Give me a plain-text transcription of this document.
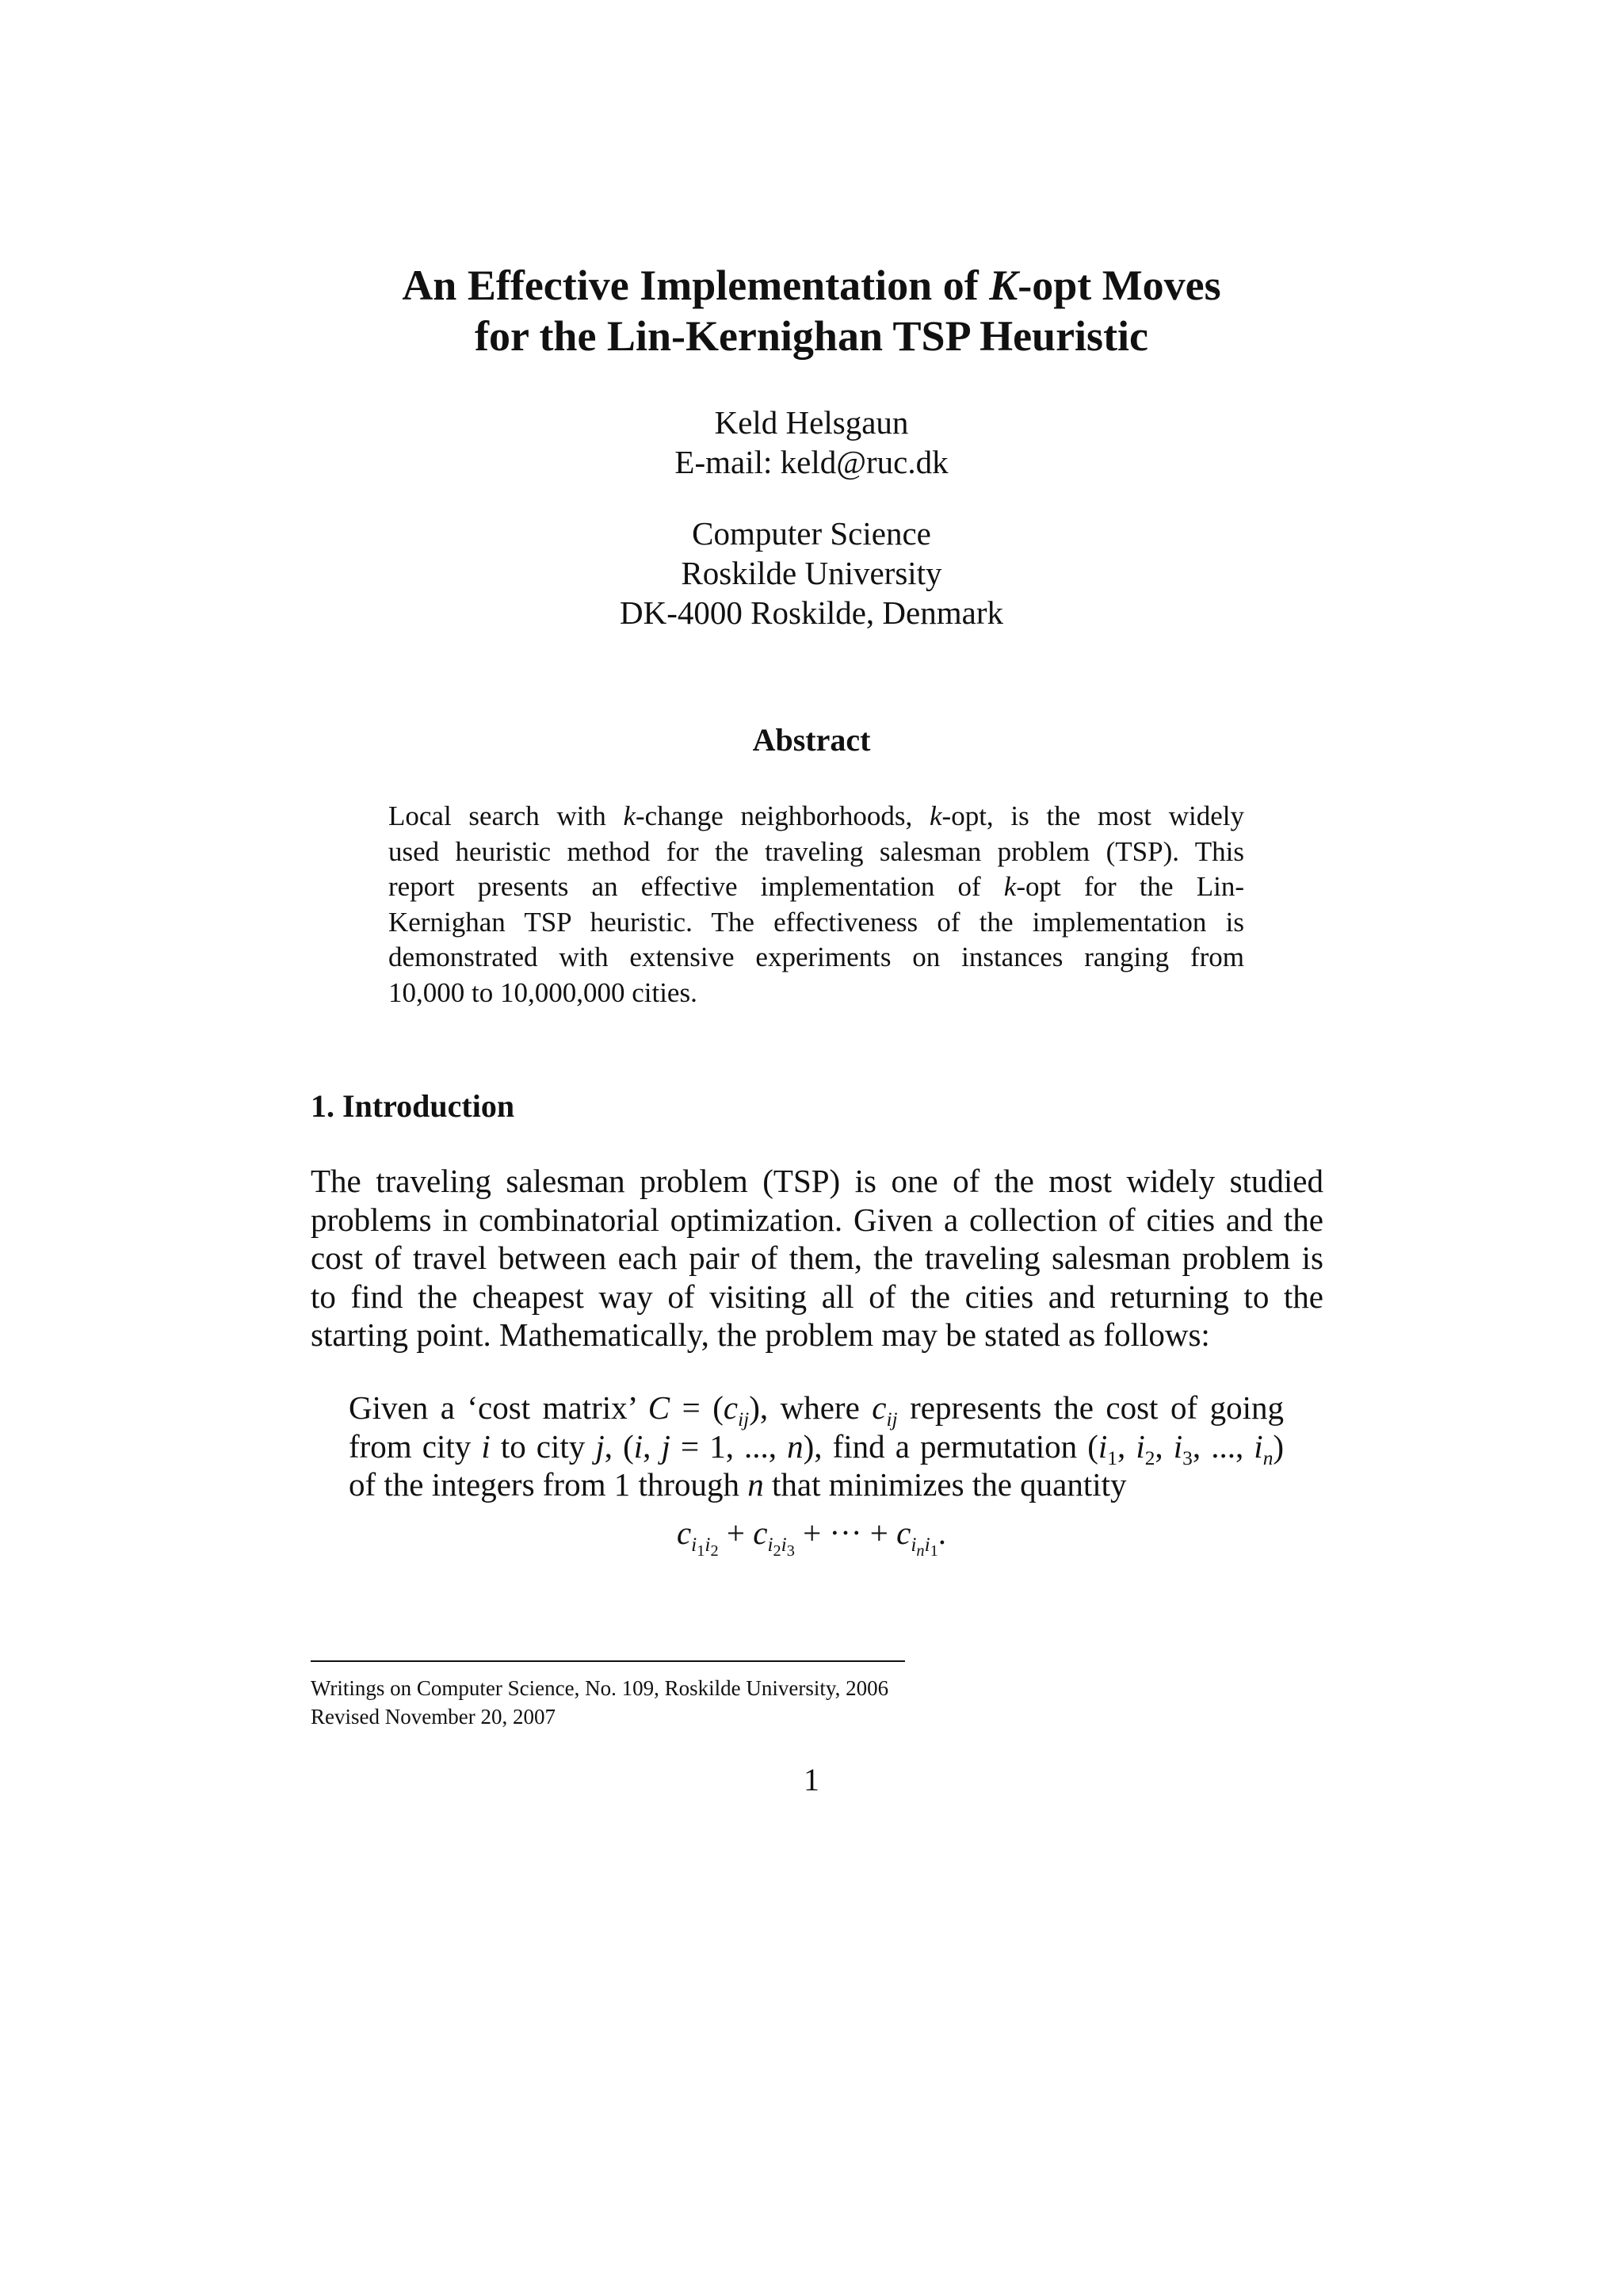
An Effective Implementation of K-opt Moves
for the Lin-Kernighan TSP Heuristic
Keld Helsgaun
E-mail: keld@ruc.dk
Computer Science
Roskilde University
DK-4000 Roskilde, Denmark
Abstract
Local search with k-change neighborhoods, k-opt, is the most widely
used heuristic method for the traveling salesman problem (TSP). This
report presents an effective implementation of k-opt for the Lin-
Kernighan TSP heuristic. The effectiveness of the implementation is
demonstrated with extensive experiments on instances ranging from
10,000 to 10,000,000 cities.
1. Introduction
The traveling salesman problem (TSP) is one of the most widely studied
problems in combinatorial optimization. Given a collection of cities and the
cost of travel between each pair of them, the traveling salesman problem is
to find the cheapest way of visiting all of the cities and returning to the
starting point. Mathematically, the problem may be stated as follows:
Given a ‘cost matrix’ $C = (c_{ij})$, where $c_{ij}$ represents the cost of going
from city i to city j, (i, j = 1, ..., n), find a permutation ($i_1$, $i_2$, $i_3$, ..., $i_n$)
of the integers from 1 through n that minimizes the quantity
$c_{i_1i_2} + c_{i_2i_3}$ + ··· + $c_{i_ni_1}$.
Writings on Computer Science, No. 109, Roskilde University, 2006
Revised November 20, 2007
1
